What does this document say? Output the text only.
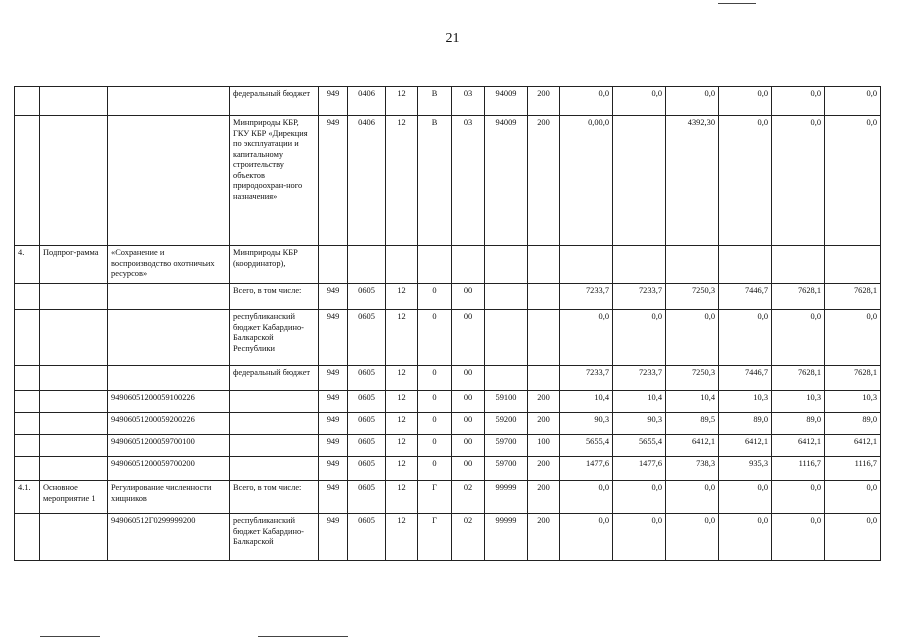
21
			федеральный бюджет	949	0406	12	В	03	94009	200	0,0	0,0	0,0	0,0	0,0	0,0
			Минприроды КБР, ГКУ КБР «Дирекция по эксплуатации и капитальному строительству объектов природоохран-ного назначения»	949	0406	12	В	03	94009	200	0,00,0		4392,30	0,0	0,0	0,0
4.	Подпрог-рамма	«Сохранение и воспроизводство охотничьих ресурсов»	Минприроды КБР (координатор),													
			Всего, в том числе:	949	0605	12	0	00			7233,7	7233,7	7250,3	7446,7	7628,1	7628,1
			республиканский бюджет Кабардино-Балкарской Республики	949	0605	12	0	00			0,0	0,0	0,0	0,0	0,0	0,0
			федеральный бюджет	949	0605	12	0	00			7233,7	7233,7	7250,3	7446,7	7628,1	7628,1
		94906051200059100226		949	0605	12	0	00	59100	200	10,4	10,4	10,4	10,3	10,3	10,3
		94906051200059200226		949	0605	12	0	00	59200	200	90,3	90,3	89,5	89,0	89,0	89,0
		94906051200059700100		949	0605	12	0	00	59700	100	5655,4	5655,4	6412,1	6412,1	6412,1	6412,1
		94906051200059700200		949	0605	12	0	00	59700	200	1477,6	1477,6	738,3	935,3	1116,7	1116,7
4.1.	Основное мероприятие 1	Регулирование численности хищников	Всего, в том числе:	949	0605	12	Г	02	99999	200	0,0	0,0	0,0	0,0	0,0	0,0
		949060512Г0299999200	республиканский бюджет Кабардино-Балкарской	949	0605	12	Г	02	99999	200	0,0	0,0	0,0	0,0	0,0	0,0
